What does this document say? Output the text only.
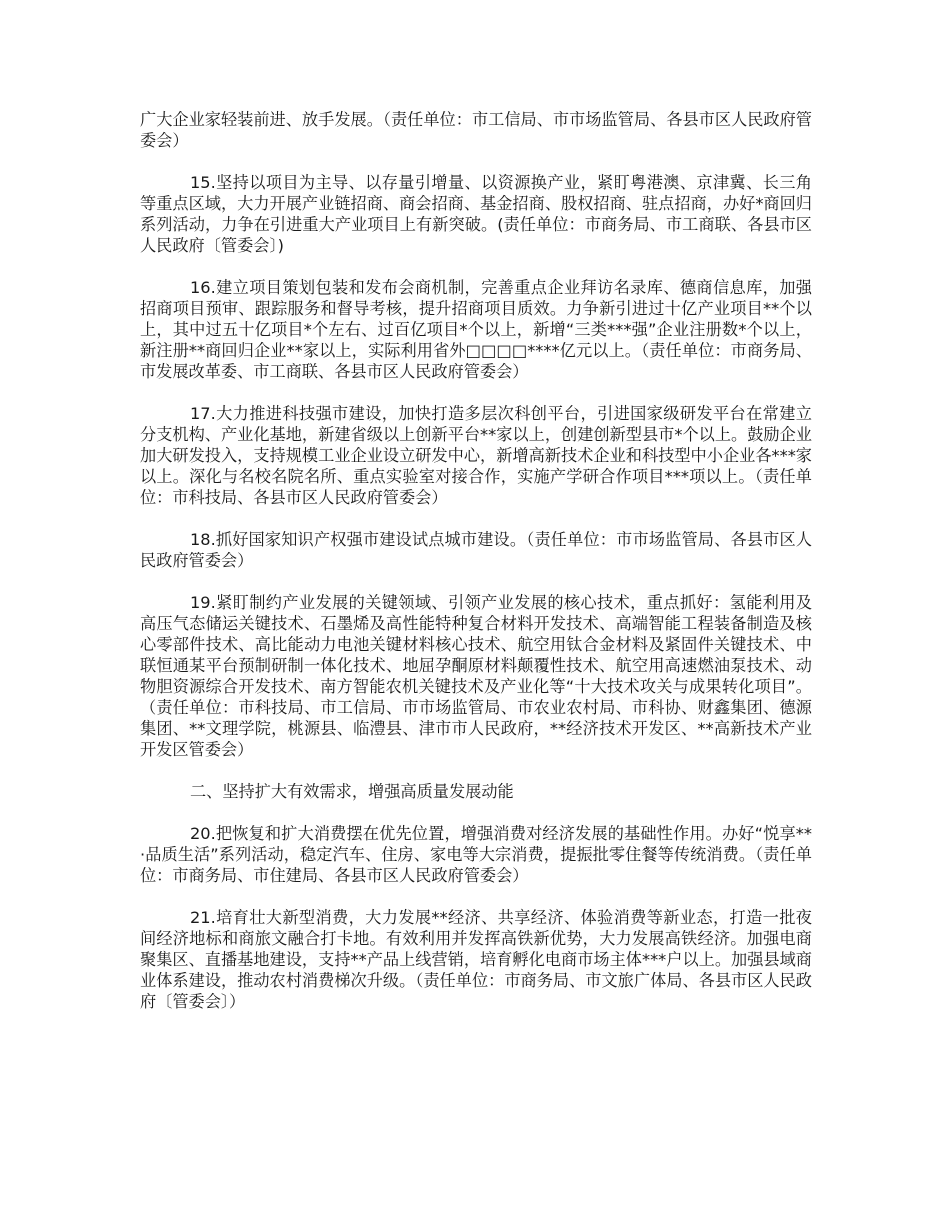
广大企业家轻装前进、放手发展。（责任单位：市工信局、市市场监管局、各县市区人民政府管委会）

15.坚持以项目为主导、以存量引增量、以资源换产业，紧盯粤港澳、京津冀、长三角等重点区域，大力开展产业链招商、商会招商、基金招商、股权招商、驻点招商，办好*商回归系列活动，力争在引进重大产业项目上有新突破。(责任单位：市商务局、市工商联、各县市区人民政府〔管委会〕)

16.建立项目策划包装和发布会商机制，完善重点企业拜访名录库、德商信息库，加强招商项目预审、跟踪服务和督导考核，提升招商项目质效。力争新引进过十亿产业项目**个以上，其中过五十亿项目*个左右、过百亿项目*个以上，新增“三类***强”企业注册数*个以上，新注册**商回归企业**家以上，实际利用省外□□□□****亿元以上。（责任单位：市商务局、市发展改革委、市工商联、各县市区人民政府管委会）

17.大力推进科技强市建设，加快打造多层次科创平台，引进国家级研发平台在常建立分支机构、产业化基地，新建省级以上创新平台**家以上，创建创新型县市*个以上。鼓励企业加大研发投入，支持规模工业企业设立研发中心，新增高新技术企业和科技型中小企业各***家以上。深化与名校名院名所、重点实验室对接合作，实施产学研合作项目***项以上。（责任单位：市科技局、各县市区人民政府管委会）

18.抓好国家知识产权强市建设试点城市建设。（责任单位：市市场监管局、各县市区人民政府管委会）

19.紧盯制约产业发展的关键领域、引领产业发展的核心技术，重点抓好：氢能利用及高压气态储运关键技术、石墨烯及高性能特种复合材料开发技术、高端智能工程装备制造及核心零部件技术、高比能动力电池关键材料核心技术、航空用钛合金材料及紧固件关键技术、中联恒通某平台预制研制一体化技术、地屈孕酮原材料颠覆性技术、航空用高速燃油泵技术、动物胆资源综合开发技术、南方智能农机关键技术及产业化等“十大技术攻关与成果转化项目”。（责任单位：市科技局、市工信局、市市场监管局、市农业农村局、市科协、财鑫集团、德源集团、**文理学院，桃源县、临澧县、津市市人民政府，**经济技术开发区、**高新技术产业开发区管委会）

二、坚持扩大有效需求，增强高质量发展动能

20.把恢复和扩大消费摆在优先位置，增强消费对经济发展的基础性作用。办好“悦享**·品质生活”系列活动，稳定汽车、住房、家电等大宗消费，提振批零住餐等传统消费。（责任单位：市商务局、市住建局、各县市区人民政府管委会）

21.培育壮大新型消费，大力发展**经济、共享经济、体验消费等新业态，打造一批夜间经济地标和商旅文融合打卡地。有效利用并发挥高铁新优势，大力发展高铁经济。加强电商聚集区、直播基地建设，支持**产品上线营销，培育孵化电商市场主体***户以上。加强县域商业体系建设，推动农村消费梯次升级。（责任单位：市商务局、市文旅广体局、各县市区人民政府〔管委会〕）
